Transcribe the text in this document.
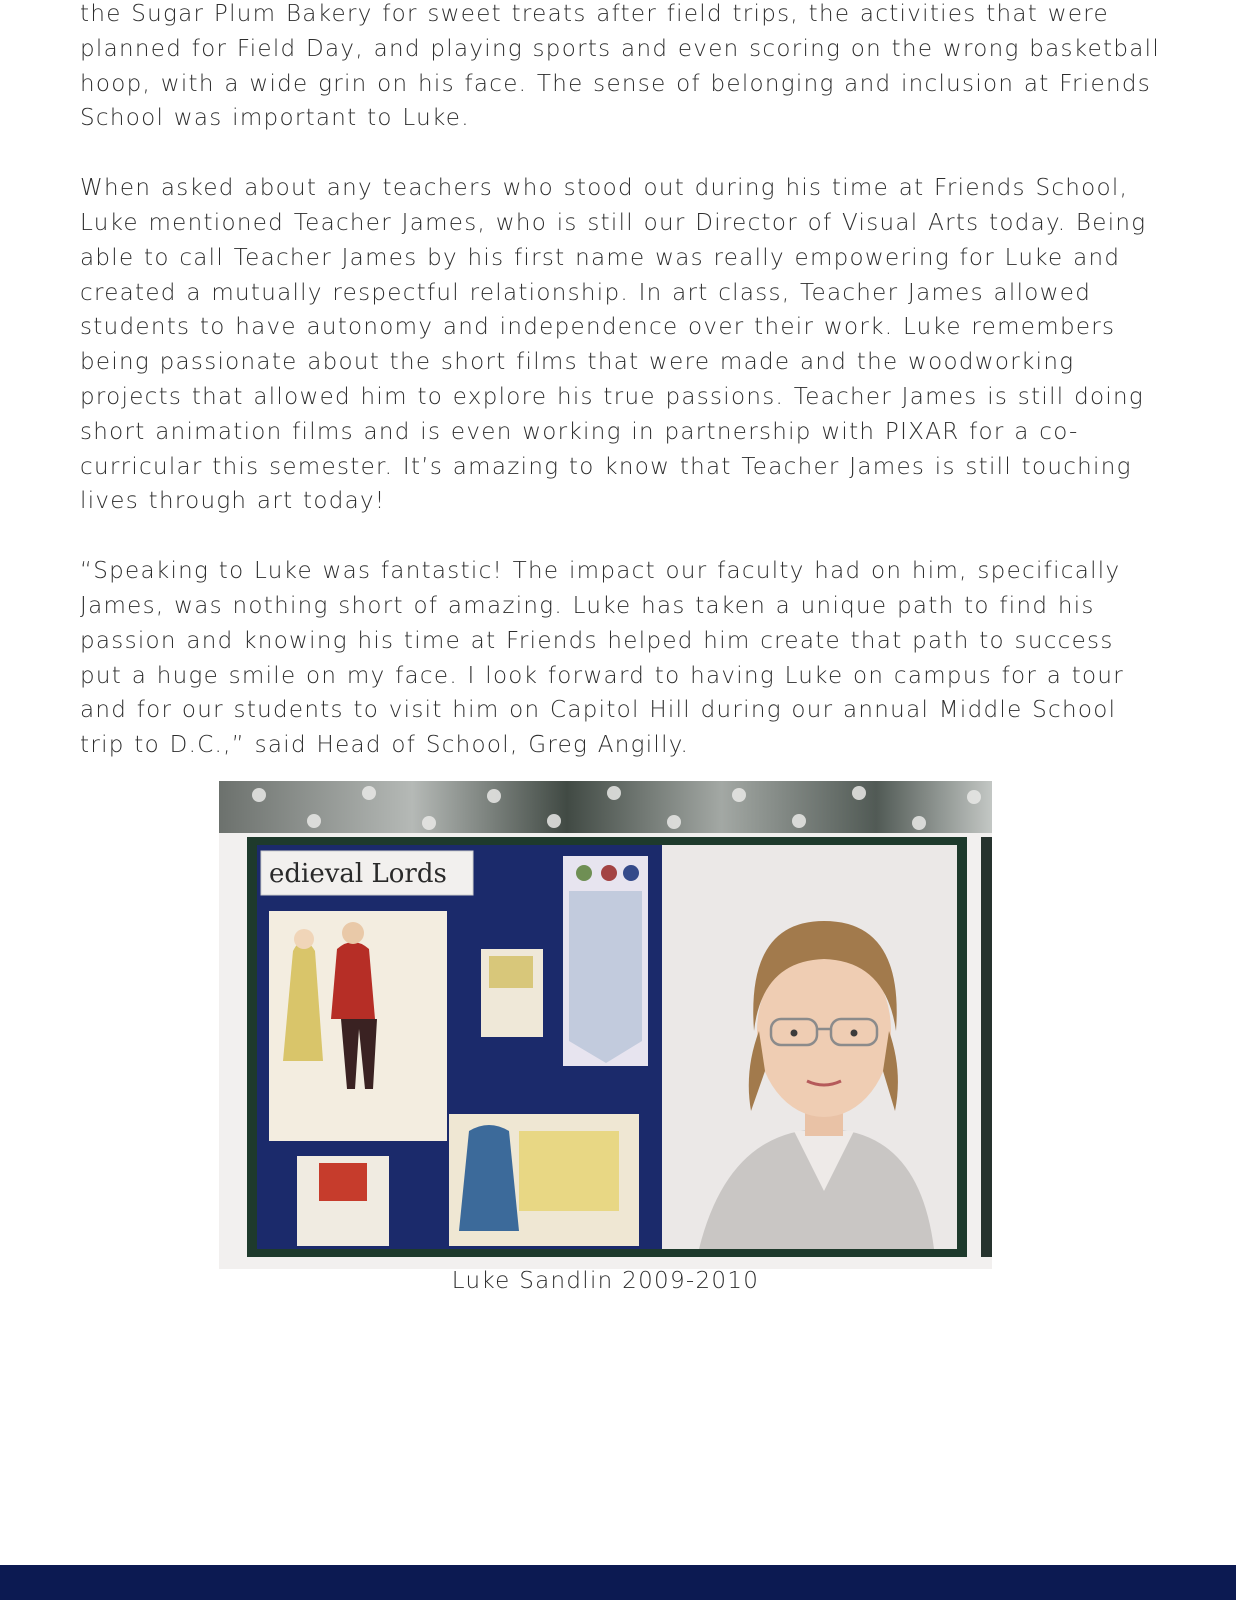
the Sugar Plum Bakery for sweet treats after field trips, the activities that were planned for Field Day, and playing sports and even scoring on the wrong basketball hoop, with a wide grin on his face. The sense of belonging and inclusion at Friends School was important to Luke.

When asked about any teachers who stood out during his time at Friends School, Luke mentioned Teacher James, who is still our Director of Visual Arts today. Being able to call Teacher James by his first name was really empowering for Luke and created a mutually respectful relationship. In art class, Teacher James allowed students to have autonomy and independence over their work. Luke remembers being passionate about the short films that were made and the woodworking projects that allowed him to explore his true passions. Teacher James is still doing short animation films and is even working in partnership with PIXAR for a co-curricular this semester. It’s amazing to know that Teacher James is still touching lives through art today!

“Speaking to Luke was fantastic! The impact our faculty had on him, specifically James, was nothing short of amazing. Luke has taken a unique path to find his passion and knowing his time at Friends helped him create that path to success put a huge smile on my face. I look forward to having Luke on campus for a tour and for our students to visit him on Capitol Hill during our annual Middle School trip to D.C.,” said Head of School, Greg Angilly.

edieval Lords
Luke Sandlin 2009-2010
